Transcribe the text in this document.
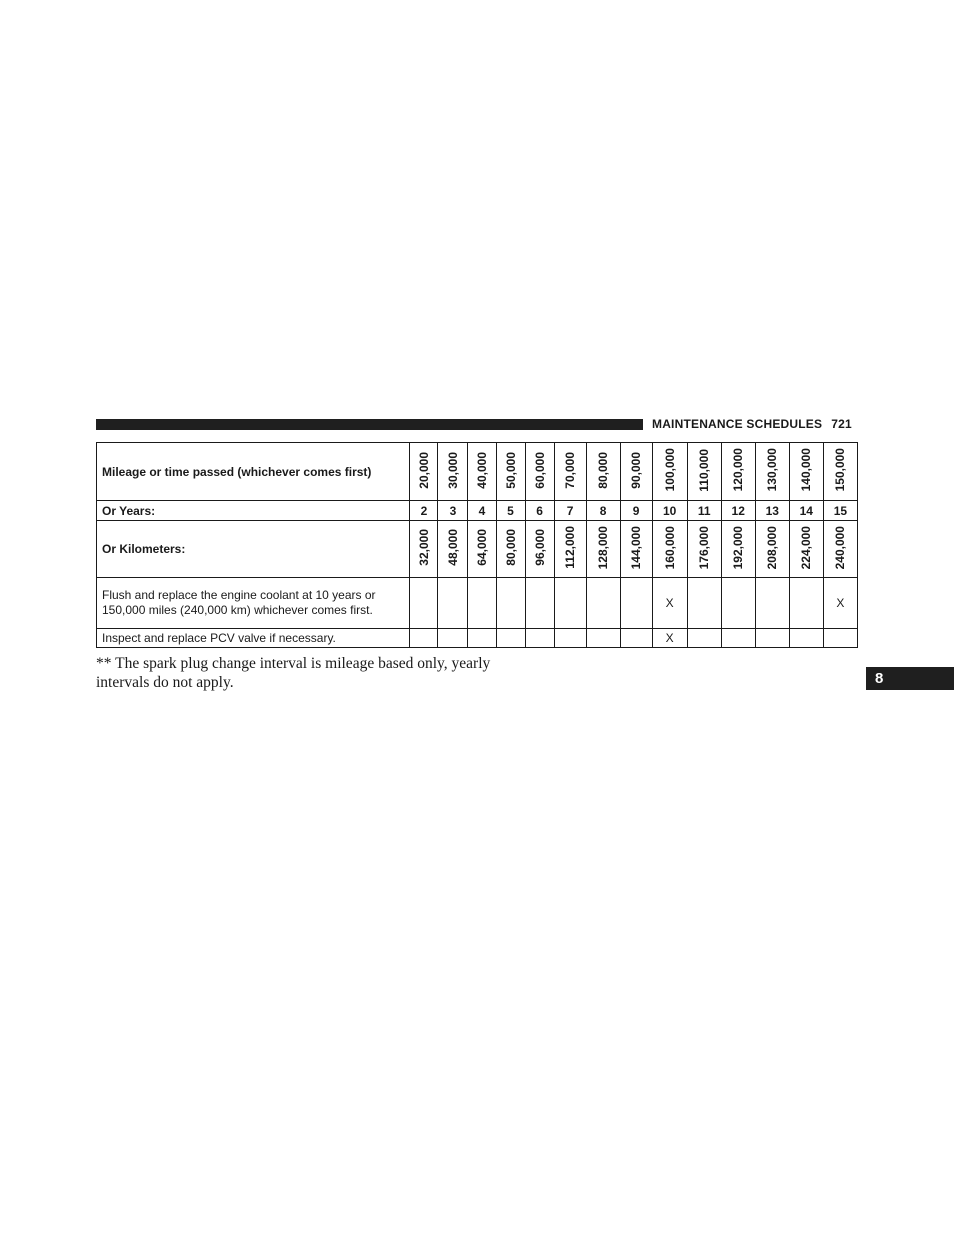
MAINTENANCE SCHEDULES 721
8
Mileage or time passed (whichever comes first)	20,000	30,000	40,000	50,000	60,000	70,000	80,000	90,000	100,000	110,000	120,000	130,000	140,000	150,000
Or Years:	2	3	4	5	6	7	8	9	10	11	12	13	14	15
Or Kilometers:	32,000	48,000	64,000	80,000	96,000	112,000	128,000	144,000	160,000	176,000	192,000	208,000	224,000	240,000
Flush and replace the engine coolant at 10 years or 150,000 miles (240,000 km) whichever comes first.									X					X
Inspect and replace PCV valve if necessary.									X					
** The spark plug change interval is mileage based only, yearly intervals do not apply.
